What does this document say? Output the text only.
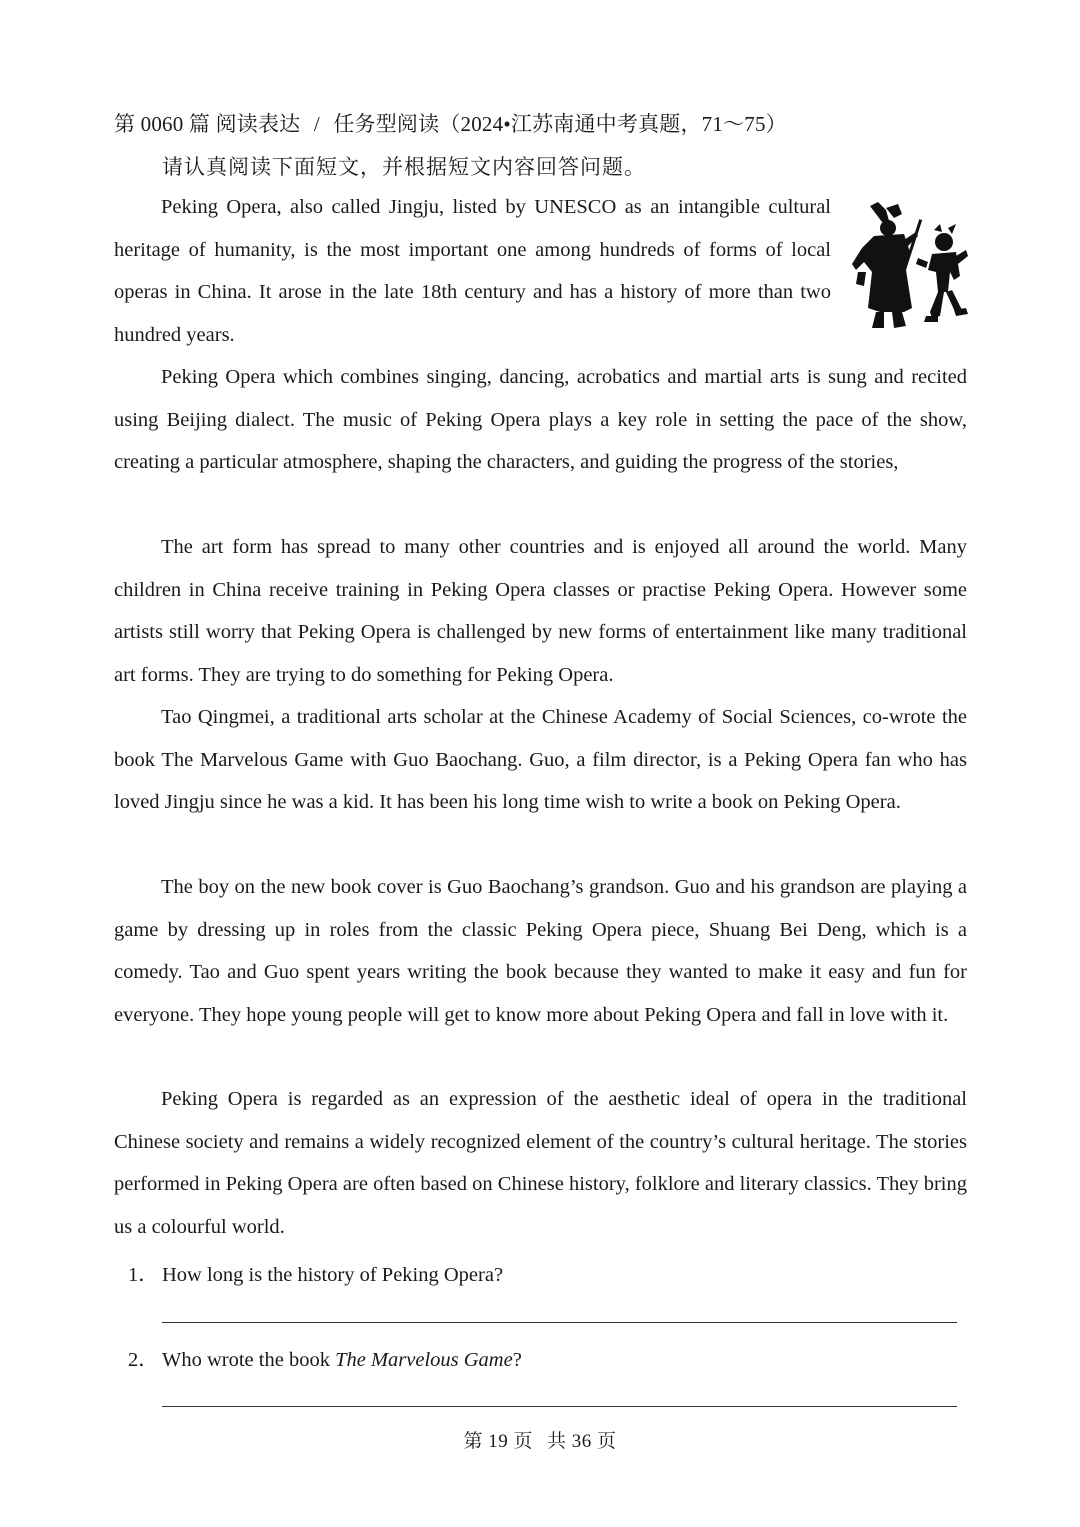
第 0060 篇 阅读表达 / 任务型阅读（2024•江苏南通中考真题，71～75）
请认真阅读下面短文，并根据短文内容回答问题。

Peking Opera, also called Jingju, listed by UNESCO as an intangible cultural heritage of humanity, is the most important one among hundreds of forms of local operas in China. It arose in the late 18th century and has a history of more than two hundred years.

Peking Opera which combines singing, dancing, acrobatics and martial arts is sung and recited using Beijing dialect. The music of Peking Opera plays a key role in setting the pace of the show, creating a particular atmosphere, shaping the characters, and guiding the progress of the stories,

The art form has spread to many other countries and is enjoyed all around the world. Many children in China receive training in Peking Opera classes or practise Peking Opera. However some artists still worry that Peking Opera is challenged by new forms of entertainment like many traditional art forms. They are trying to do something for Peking Opera.

Tao Qingmei, a traditional arts scholar at the Chinese Academy of Social Sciences, co-wrote the book The Marvelous Game with Guo Baochang. Guo, a film director, is a Peking Opera fan who has loved Jingju since he was a kid. It has been his long time wish to write a book on Peking Opera.

The boy on the new book cover is Guo Baochang’s grandson. Guo and his grandson are playing a game by dressing up in roles from the classic Peking Opera piece, Shuang Bei Deng, which is a comedy. Tao and Guo spent years writing the book because they wanted to make it easy and fun for everyone. They hope young people will get to know more about Peking Opera and fall in love with it.

Peking Opera is regarded as an expression of the aesthetic ideal of opera in the traditional Chinese society and remains a widely recognized element of the country’s cultural heritage. The stories performed in Peking Opera are often based on Chinese history, folklore and literary classics. They bring us a colourful world.

1． How long is the history of Peking Opera?
2． Who wrote the book The Marvelous Game?
第 19 页 共 36 页
